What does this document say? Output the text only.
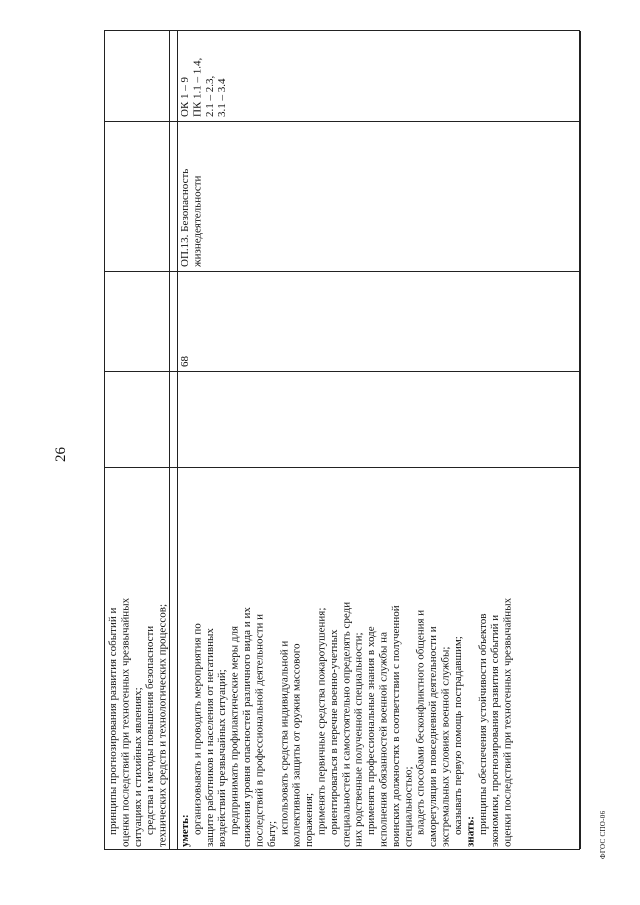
26
принципы прогнозирования развития событий и оценки последствий при техногенных чрезвычайных ситуациях и стихийных явлениях; средства и методы повышения безопасности технических средств и технологических процессов; уметь: организовывать и проводить мероприятия по защите работников и населения от негативных воздействий чрезвычайных ситуаций; предпринимать профилактические меры для снижения уровня опасностей различного вида и их последствий в профессиональной деятельности и быту; использовать средства индивидуальной и коллективной защиты от оружия массового поражения; применять первичные средства пожаротушения; ориентироваться в перечне военно-учетных специальностей и самостоятельно определять среди них родственные полученной специальности; применять профессиональные знания в ходе исполнения обязанностей военной службы на воинских должностях в соответствии с полученной специальностью; владеть способами бесконфликтного общения и саморегуляции в повседневной деятельности и экстремальных условиях военной службы; оказывать первую помощь пострадавшим; знать: принципы обеспечения устойчивости объектов экономики, прогнозирования развития событий и оценки последствий при техногенных чрезвычайных
68
ОП.13. Безопасность жизнедеятельности
ОК 1 – 9 ПК 1.1 – 1.4, 2.1 – 2.3, 3.1 – 3.4
ФГОС СПО-06
